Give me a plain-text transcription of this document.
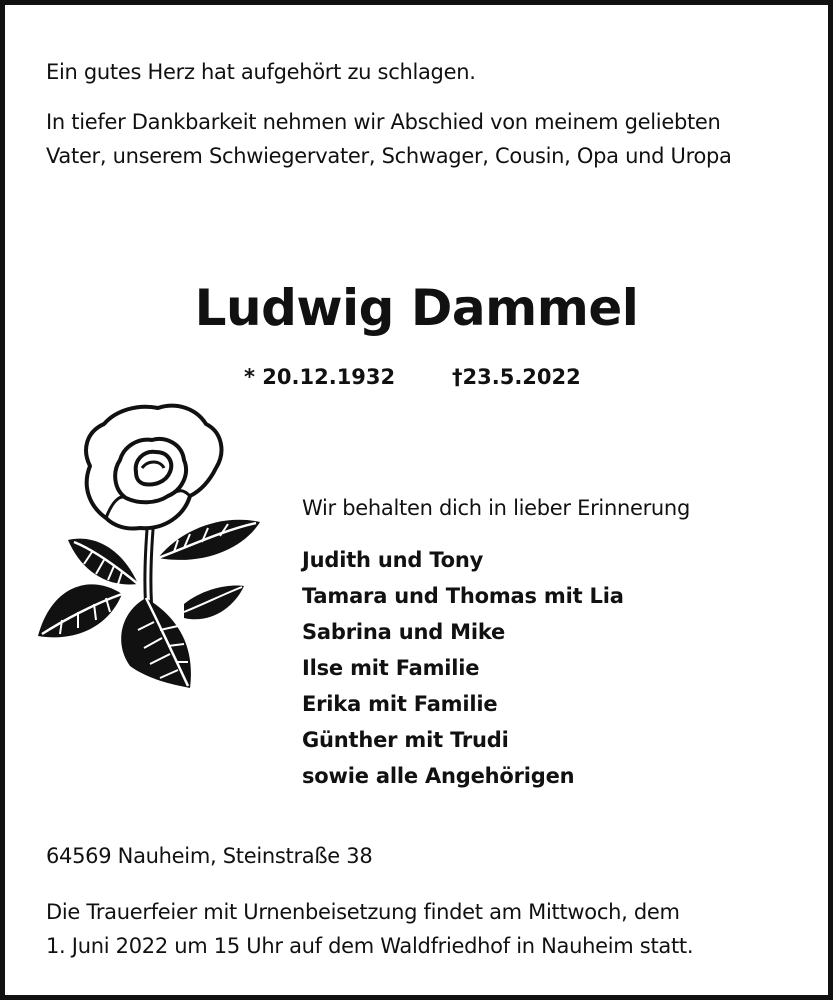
Ein gutes Herz hat aufgehört zu schlagen.
In tiefer Dankbarkeit nehmen wir Abschied von meinem geliebten
Vater, unserem Schwiegervater, Schwager, Cousin, Opa und Uropa
Ludwig Dammel
* 20.12.1932	†23.5.2022
Wir behalten dich in lieber Erinnerung
Judith und Tony
Tamara und Thomas mit Lia
Sabrina und Mike
Ilse mit Familie
Erika mit Familie
Günther mit Trudi
sowie alle Angehörigen
64569 Nauheim, Steinstraße 38
Die Trauerfeier mit Urnenbeisetzung findet am Mittwoch, dem
1. Juni 2022 um 15 Uhr auf dem Waldfriedhof in Nauheim statt.
